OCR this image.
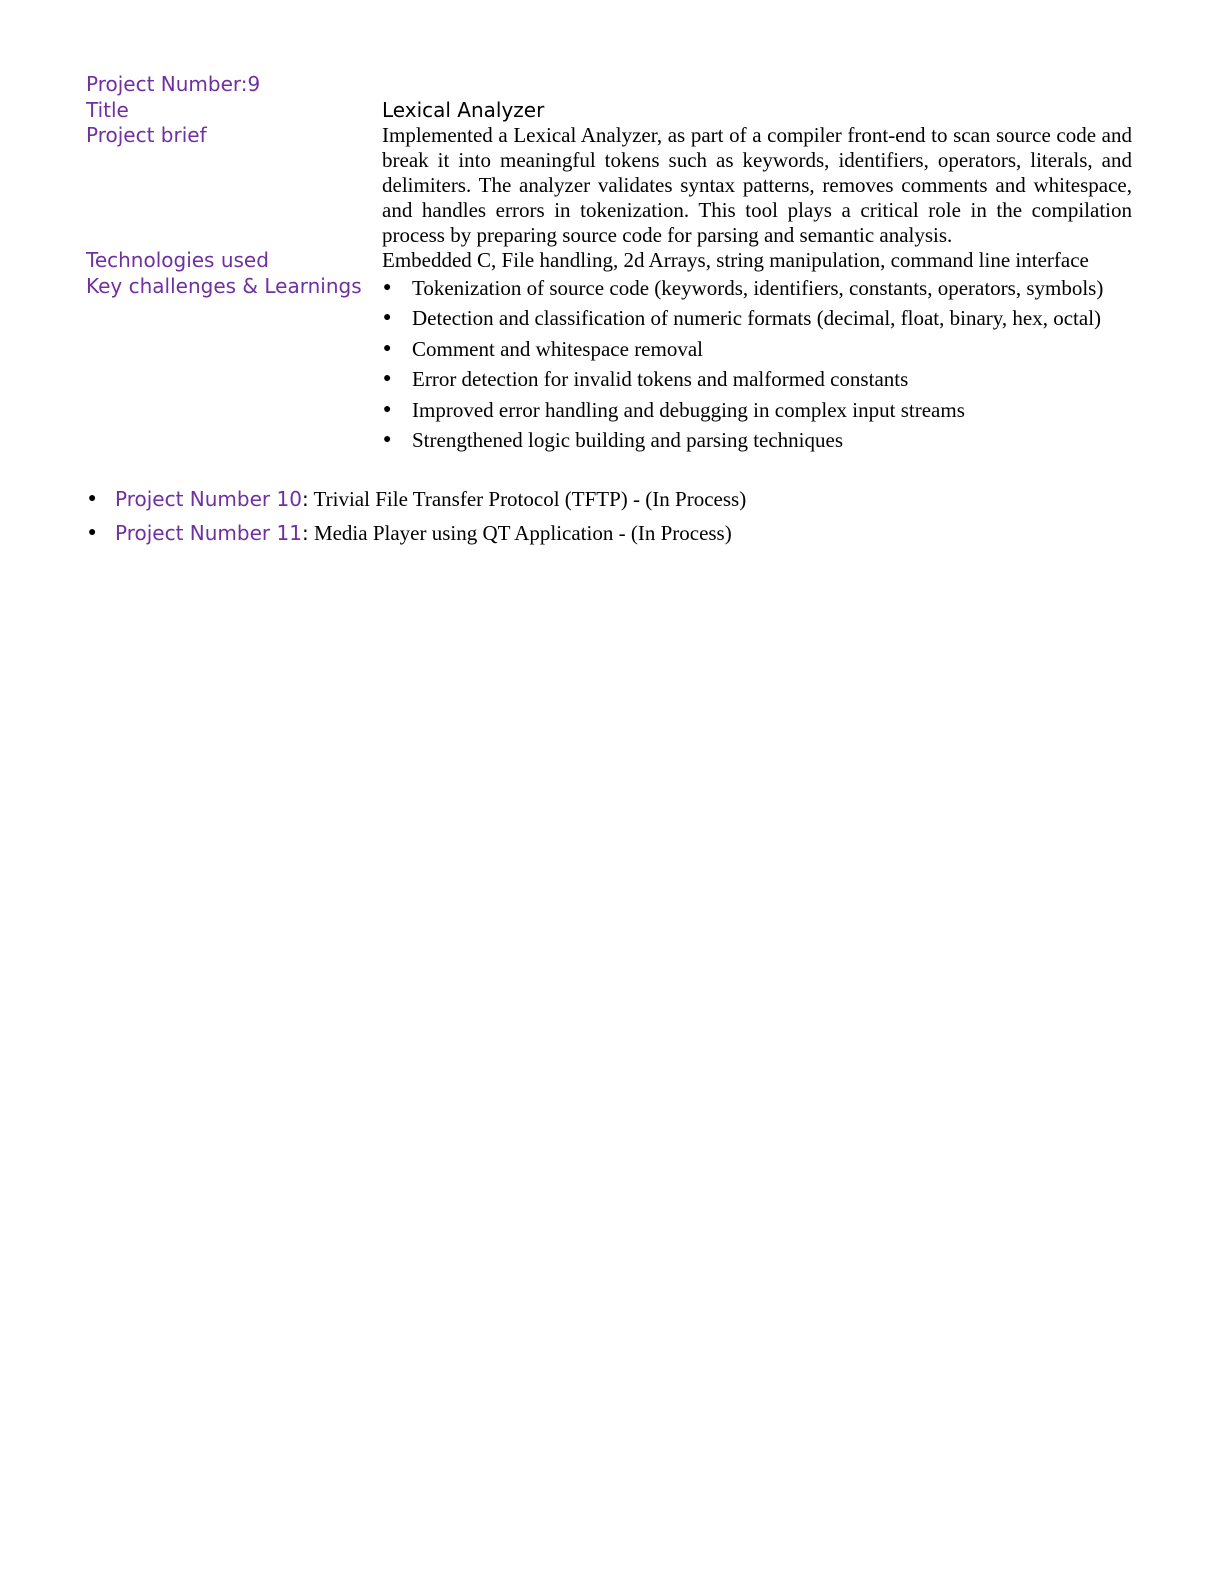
Project Number:9
Title	Lexical Analyzer
Project brief	Implemented a Lexical Analyzer, as part of a compiler front-end to scan source code and break it into meaningful tokens such as keywords, identifiers, operators, literals, and delimiters. The analyzer validates syntax patterns, removes comments and whitespace, and handles errors in tokenization. This tool plays a critical role in the compilation process by preparing source code for parsing and semantic analysis.
Technologies used	Embedded C, File handling, 2d Arrays, string manipulation, command line interface
Key challenges & Learnings	● Tokenization of source code (keywords, identifiers, constants, operators, symbols)
● Detection and classification of numeric formats (decimal, float, binary, hex, octal)
● Comment and whitespace removal
● Error detection for invalid tokens and malformed constants
● Improved error handling and debugging in complex input streams
● Strengthened logic building and parsing techniques
● Project Number 10: Trivial File Transfer Protocol (TFTP) - (In Process)
● Project Number 11: Media Player using QT Application - (In Process)
